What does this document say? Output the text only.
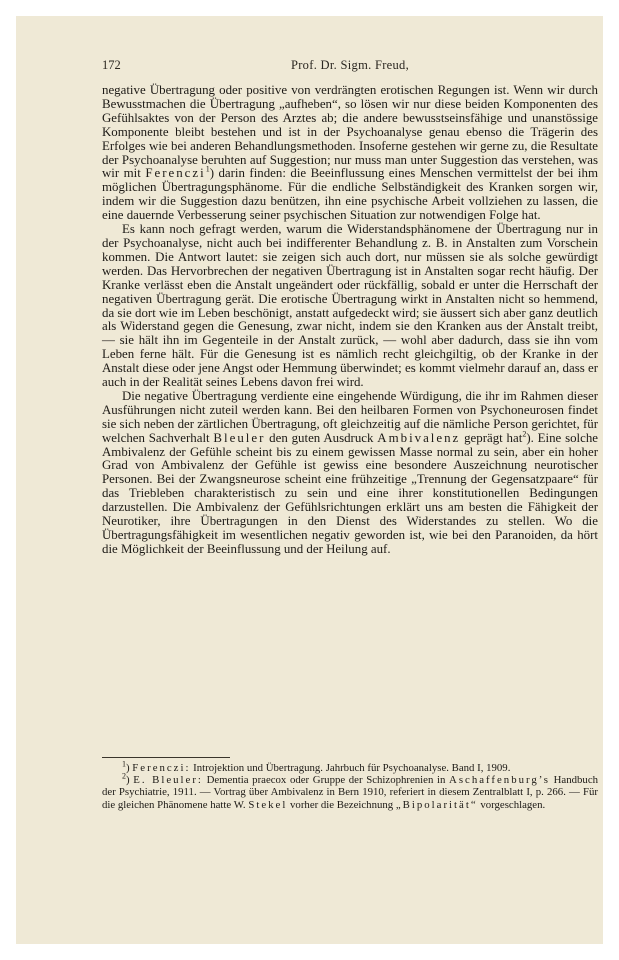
172	Prof. Dr. Sigm. Freud,

negative Übertragung oder positive von verdrängten erotischen Regungen ist. Wenn wir durch Bewusstmachen die Übertragung „aufheben“, so lösen wir nur diese beiden Komponenten des Gefühlsaktes von der Person des Arztes ab; die andere bewusstseinsfähige und unanstössige Komponente bleibt bestehen und ist in der Psychoanalyse genau ebenso die Trägerin des Erfolges wie bei anderen Behandlungsmethoden. Insoferne gestehen wir gerne zu, die Resultate der Psychoanalyse beruhten auf Suggestion; nur muss man unter Suggestion das verstehen, was wir mit Ferenczi$^1$) darin finden: die Beeinflussung eines Menschen vermittelst der bei ihm möglichen Übertragungsphänome. Für die endliche Selbständigkeit des Kranken sorgen wir, indem wir die Suggestion dazu benützen, ihn eine psychische Arbeit vollziehen zu lassen, die eine dauernde Verbesserung seiner psychischen Situation zur notwendigen Folge hat.

Es kann noch gefragt werden, warum die Widerstandsphänomene der Übertragung nur in der Psychoanalyse, nicht auch bei indifferenter Behandlung z. B. in Anstalten zum Vorschein kommen. Die Antwort lautet: sie zeigen sich auch dort, nur müssen sie als solche gewürdigt werden. Das Hervorbrechen der negativen Übertragung ist in Anstalten sogar recht häufig. Der Kranke verlässt eben die Anstalt ungeändert oder rückfällig, sobald er unter die Herrschaft der negativen Übertragung gerät. Die erotische Übertragung wirkt in Anstalten nicht so hemmend, da sie dort wie im Leben beschönigt, anstatt aufgedeckt wird; sie äussert sich aber ganz deutlich als Widerstand gegen die Genesung, zwar nicht, indem sie den Kranken aus der Anstalt treibt, — sie hält ihn im Gegenteile in der Anstalt zurück, — wohl aber dadurch, dass sie ihn vom Leben ferne hält. Für die Genesung ist es nämlich recht gleichgiltig, ob der Kranke in der Anstalt diese oder jene Angst oder Hemmung überwindet; es kommt vielmehr darauf an, dass er auch in der Realität seines Lebens davon frei wird.

Die negative Übertragung verdiente eine eingehende Würdigung, die ihr im Rahmen dieser Ausführungen nicht zuteil werden kann. Bei den heilbaren Formen von Psychoneurosen findet sie sich neben der zärtlichen Übertragung, oft gleichzeitig auf die nämliche Person gerichtet, für welchen Sachverhalt Bleuler den guten Ausdruck Ambivalenz geprägt hat$^2$). Eine solche Ambivalenz der Gefühle scheint bis zu einem gewissen Masse normal zu sein, aber ein hoher Grad von Ambivalenz der Gefühle ist gewiss eine besondere Auszeichnung neurotischer Personen. Bei der Zwangsneurose scheint eine frühzeitige „Trennung der Gegensatzpaare“ für das Triebleben charakteristisch zu sein und eine ihrer konstitutionellen Bedingungen darzustellen. Die Ambivalenz der Gefühlsrichtungen erklärt uns am besten die Fähigkeit der Neurotiker, ihre Übertragungen in den Dienst des Widerstandes zu stellen. Wo die Übertragungsfähigkeit im wesentlichen negativ geworden ist, wie bei den Paranoiden, da hört die Möglichkeit der Beeinflussung und der Heilung auf.

$^1$) Ferenczi: Introjektion und Übertragung. Jahrbuch für Psychoanalyse. Band I, 1909.

$^2$) E. Bleuler: Dementia praecox oder Gruppe der Schizophrenien in Aschaffenburg’s Handbuch der Psychiatrie, 1911. — Vortrag über Ambivalenz in Bern 1910, referiert in diesem Zentralblatt I, p. 266. — Für die gleichen Phänomene hatte W. Stekel vorher die Bezeichnung „Bipolarität“ vorgeschlagen.
